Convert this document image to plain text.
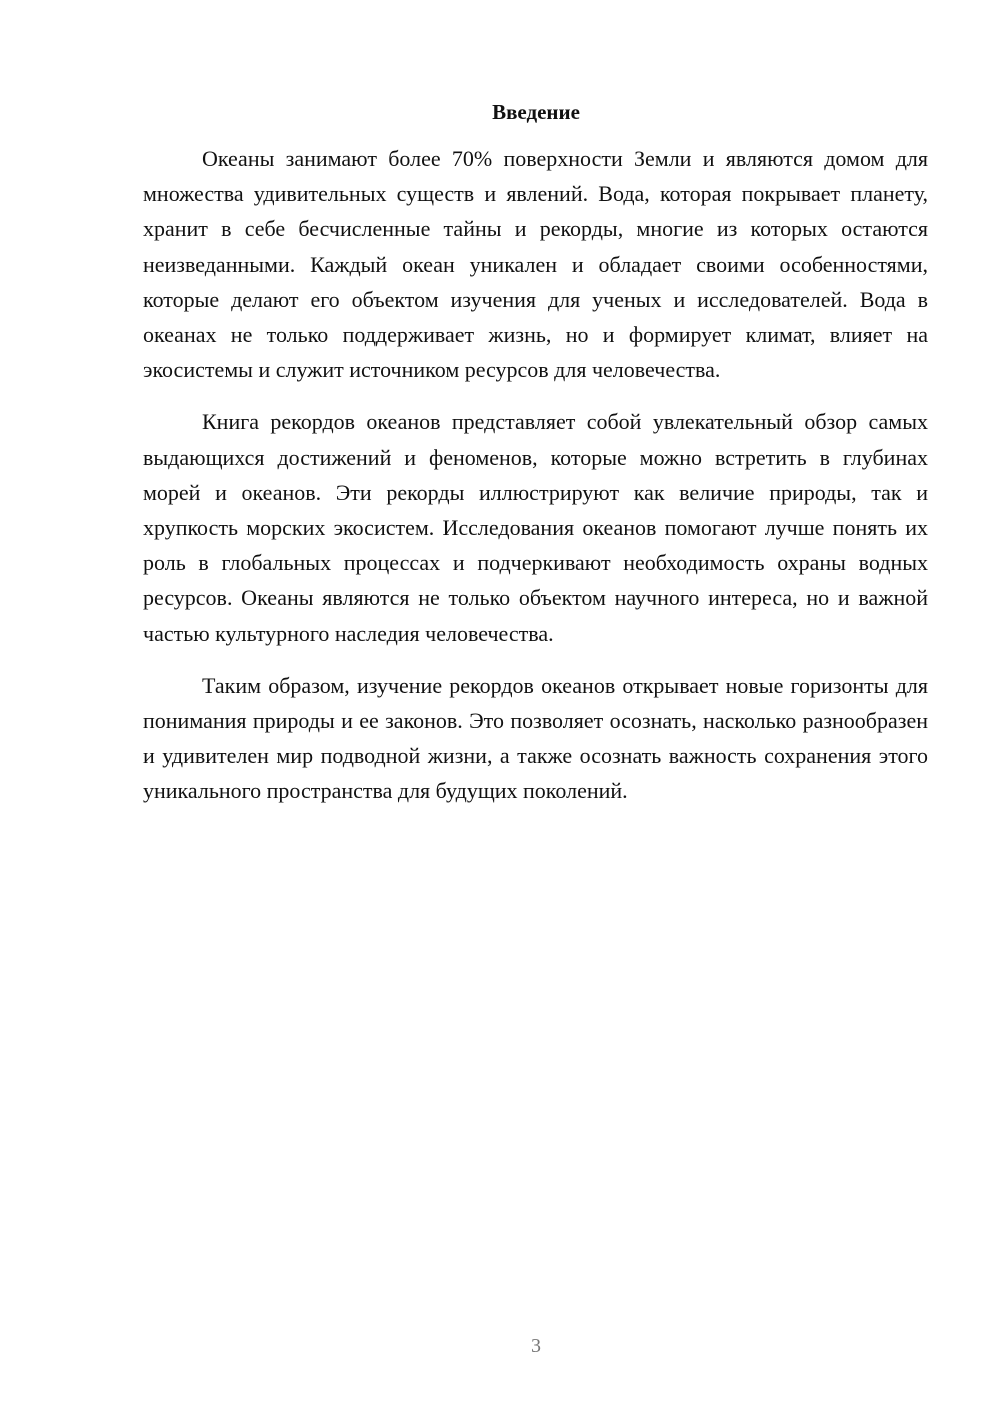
Введение

Океаны занимают более 70% поверхности Земли и являются домом для множества удивительных существ и явлений. Вода, которая покрывает планету, хранит в себе бесчисленные тайны и рекорды, многие из которых остаются неизведанными. Каждый океан уникален и обладает своими особенностями, которые делают его объектом изучения для ученых и исследователей. Вода в океанах не только поддерживает жизнь, но и формирует климат, влияет на экосистемы и служит источником ресурсов для человечества.

Книга рекордов океанов представляет собой увлекательный обзор самых выдающихся достижений и феноменов, которые можно встретить в глубинах морей и океанов. Эти рекорды иллюстрируют как величие природы, так и хрупкость морских экосистем. Исследования океанов помогают лучше понять их роль в глобальных процессах и подчеркивают необходимость охраны водных ресурсов. Океаны являются не только объектом научного интереса, но и важной частью культурного наследия человечества.

Таким образом, изучение рекордов океанов открывает новые горизонты для понимания природы и ее законов. Это позволяет осознать, насколько разнообразен и удивителен мир подводной жизни, а также осознать важность сохранения этого уникального пространства для будущих поколений.

3
